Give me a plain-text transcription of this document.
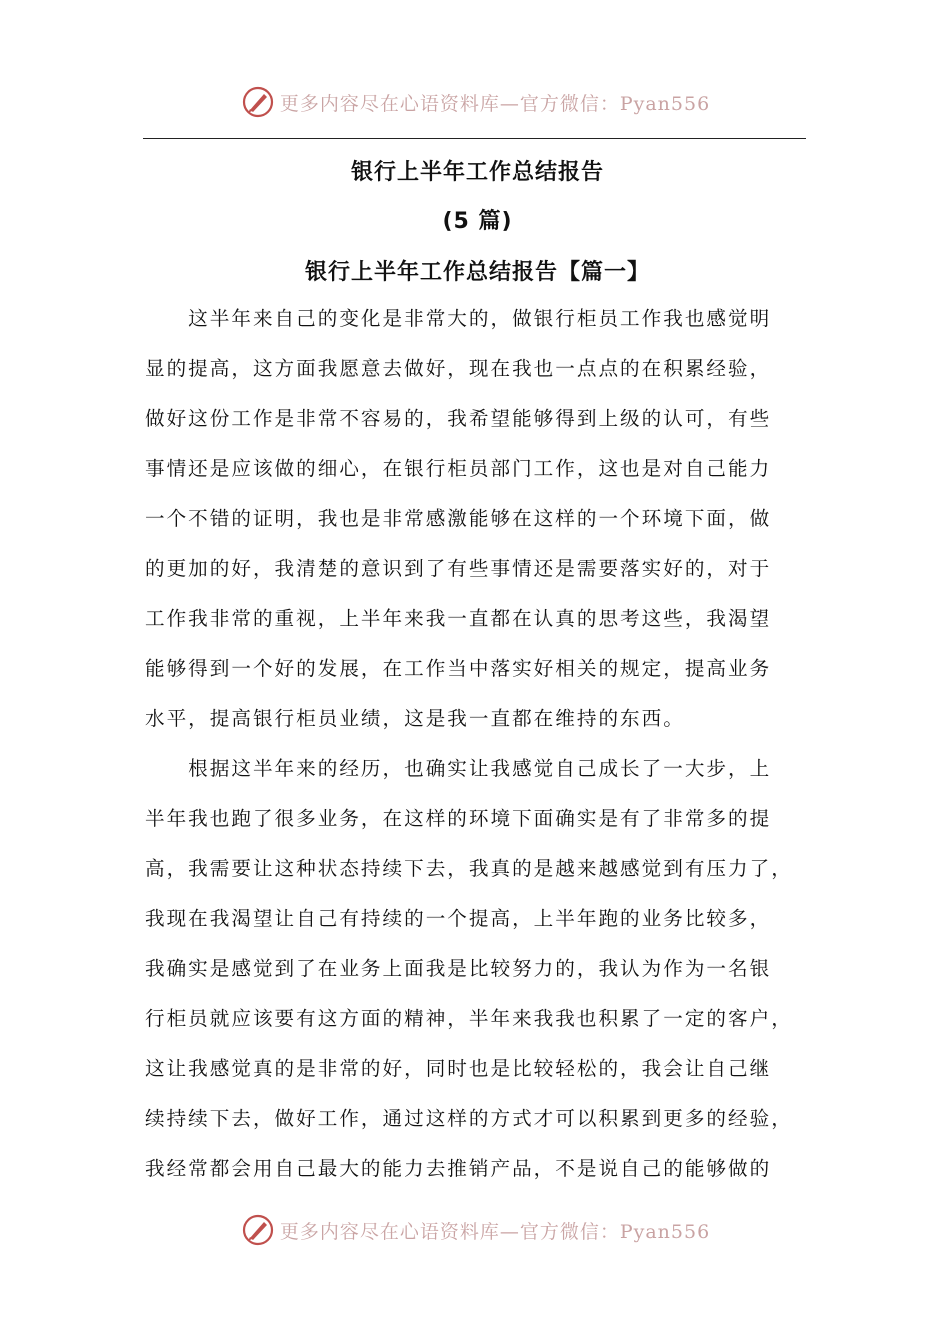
更多内容尽在心语资料库—官方微信：Pyan556
银行上半年工作总结报告
(5 篇)
银行上半年工作总结报告【篇一】

　　这半年来自己的变化是非常大的，做银行柜员工作我也感觉明

显的提高，这方面我愿意去做好，现在我也一点点的在积累经验，

做好这份工作是非常不容易的，我希望能够得到上级的认可，有些

事情还是应该做的细心，在银行柜员部门工作，这也是对自己能力

一个不错的证明，我也是非常感激能够在这样的一个环境下面，做

的更加的好，我清楚的意识到了有些事情还是需要落实好的，对于

工作我非常的重视，上半年来我一直都在认真的思考这些，我渴望

能够得到一个好的发展，在工作当中落实好相关的规定，提高业务

水平，提高银行柜员业绩，这是我一直都在维持的东西。

　　根据这半年来的经历，也确实让我感觉自己成长了一大步，上

半年我也跑了很多业务，在这样的环境下面确实是有了非常多的提

高，我需要让这种状态持续下去，我真的是越来越感觉到有压力了，

我现在我渴望让自己有持续的一个提高，上半年跑的业务比较多，

我确实是感觉到了在业务上面我是比较努力的，我认为作为一名银

行柜员就应该要有这方面的精神，半年来我我也积累了一定的客户，

这让我感觉真的是非常的好，同时也是比较轻松的，我会让自己继

续持续下去，做好工作，通过这样的方式才可以积累到更多的经验，

我经常都会用自己最大的能力去推销产品，不是说自己的能够做的

更多内容尽在心语资料库—官方微信：Pyan556
